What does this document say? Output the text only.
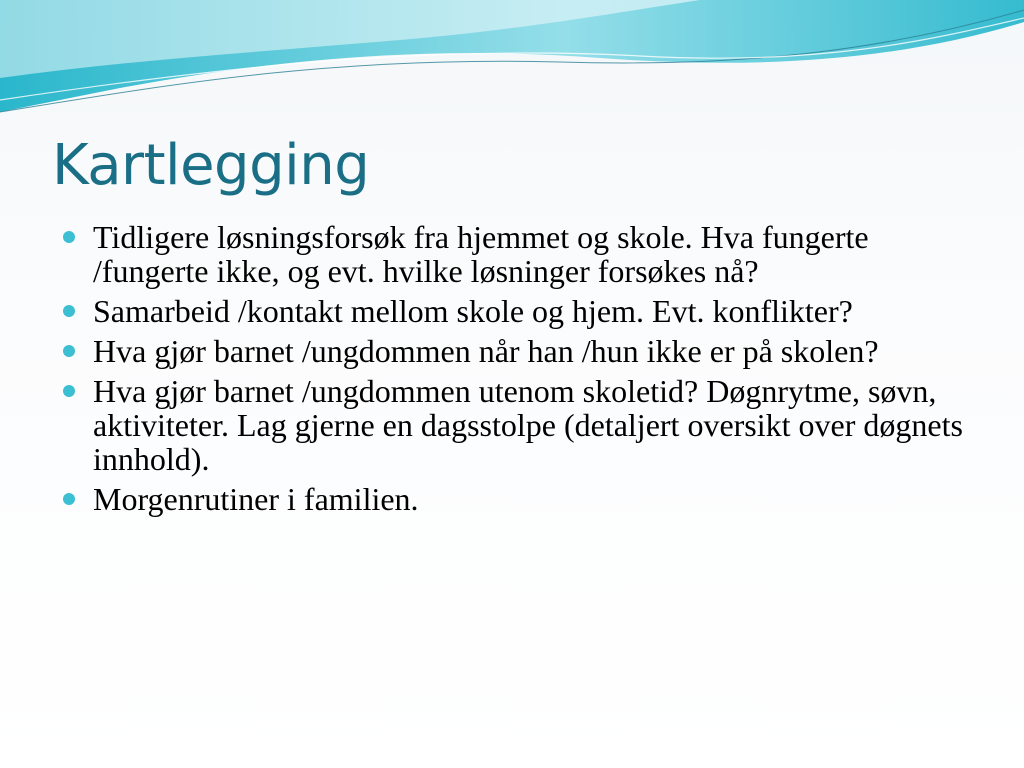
Kartlegging
Tidligere løsningsforsøk fra hjemmet og skole. Hva fungerte /fungerte ikke, og evt. hvilke løsninger forsøkes nå?
Samarbeid /kontakt mellom skole og hjem. Evt. konflikter?
Hva gjør barnet /ungdommen når han /hun ikke er på skolen?
Hva gjør barnet /ungdommen utenom skoletid? Døgnrytme, søvn, aktiviteter. Lag gjerne en dagsstolpe (detaljert oversikt over døgnets innhold).
Morgenrutiner i familien.
